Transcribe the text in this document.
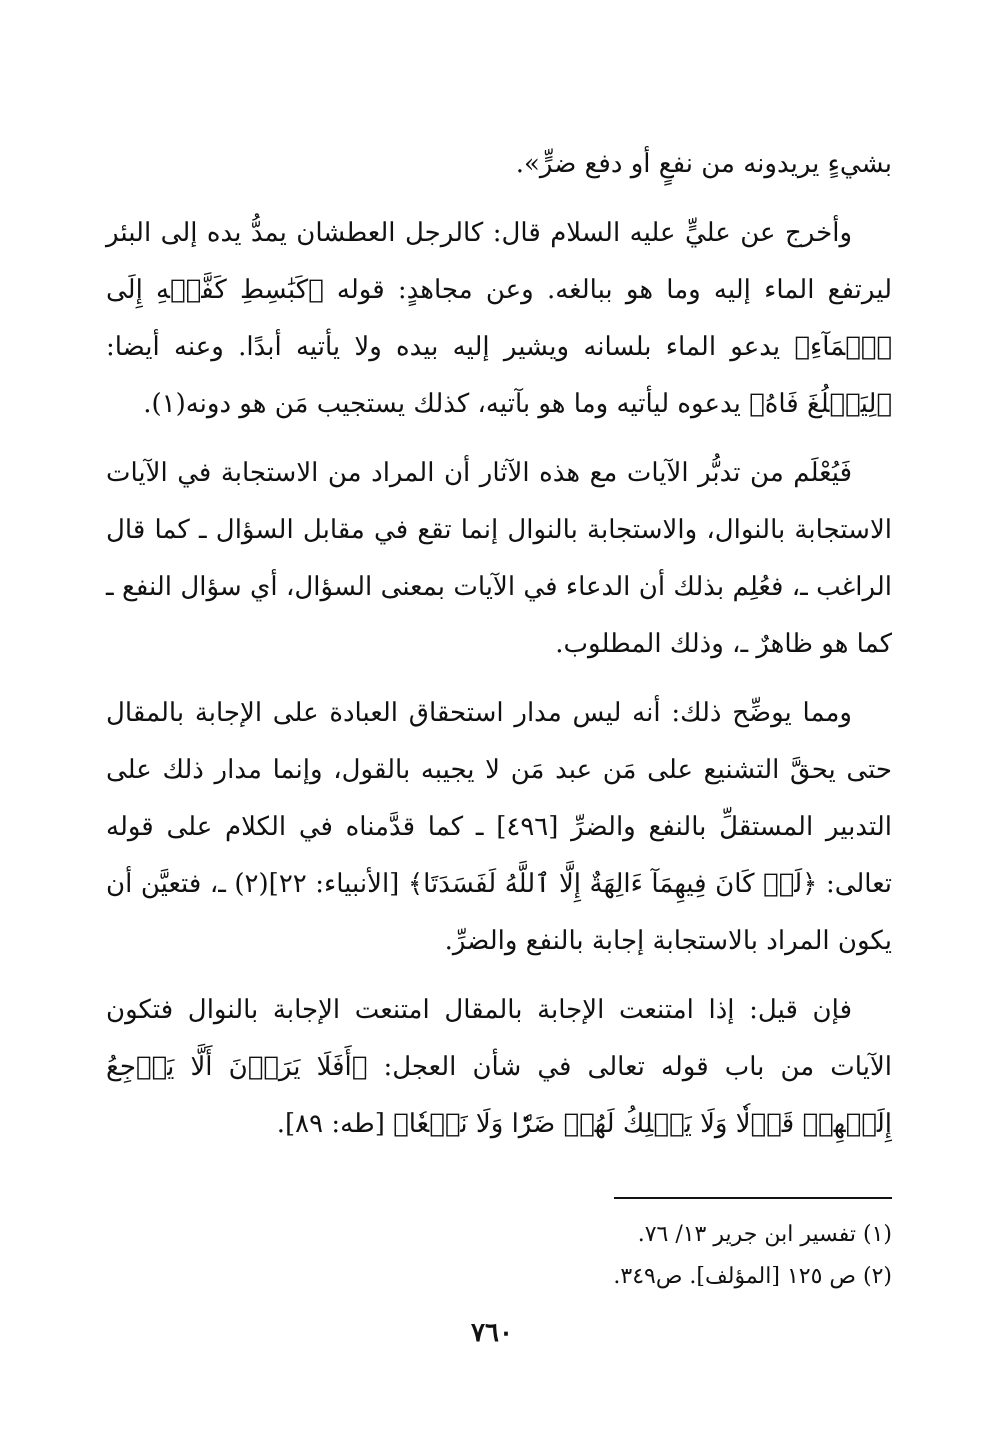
بشيءٍ يريدونه من نفعٍ أو دفع ضرٍّ».

وأخرج عن عليٍّ عليه السلام قال: كالرجل العطشان يمدُّ يده إلى البئر ليرتفع الماء إليه وما هو ببالغه. وعن مجاهدٍ: قوله ﴿كَبَٰسِطِ كَفَّيۡهِ إِلَى ٱلۡمَآءِ﴾ يدعو الماء بلسانه ويشير إليه بيده ولا يأتيه أبدًا. وعنه أيضا: ﴿لِيَبۡلُغَ فَاهُ﴾ يدعوه ليأتيه وما هو بآتيه، كذلك يستجيب مَن هو دونه(١).

فَيُعْلَم من تدبُّر الآيات مع هذه الآثار أن المراد من الاستجابة في الآيات الاستجابة بالنوال، والاستجابة بالنوال إنما تقع في مقابل السؤال ـ كما قال الراغب ـ، فعُلِم بذلك أن الدعاء في الآيات بمعنى السؤال، أي سؤال النفع ـ كما هو ظاهرٌ ـ، وذلك المطلوب.

ومما يوضِّح ذلك: أنه ليس مدار استحقاق العبادة على الإجابة بالمقال حتى يحقَّ التشنيع على مَن عبد مَن لا يجيبه بالقول، وإنما مدار ذلك على التدبير المستقلِّ بالنفع والضرِّ [٤٩٦] ـ كما قدَّمناه في الكلام على قوله تعالى: ﴿لَوۡ كَانَ فِيهِمَآ ءَالِهَةٌ إِلَّا ٱللَّهُ لَفَسَدَتَا﴾ [الأنبياء: ٢٢](٢) ـ، فتعيَّن أن يكون المراد بالاستجابة إجابة بالنفع والضرِّ.

فإن قيل: إذا امتنعت الإجابة بالمقال امتنعت الإجابة بالنوال فتكون الآيات من باب قوله تعالى في شأن العجل: ﴿أَفَلَا يَرَوۡنَ أَلَّا يَرۡجِعُ إِلَيۡهِمۡ قَوۡلٗا وَلَا يَمۡلِكُ لَهُمۡ ضَرّٗا وَلَا نَفۡعٗا﴾ [طه: ٨٩].

(١) تفسير ابن جرير ١٣/ ٧٦.
(٢) ص ١٢٥ [المؤلف]. ص٣٤٩.
٧٦٠
